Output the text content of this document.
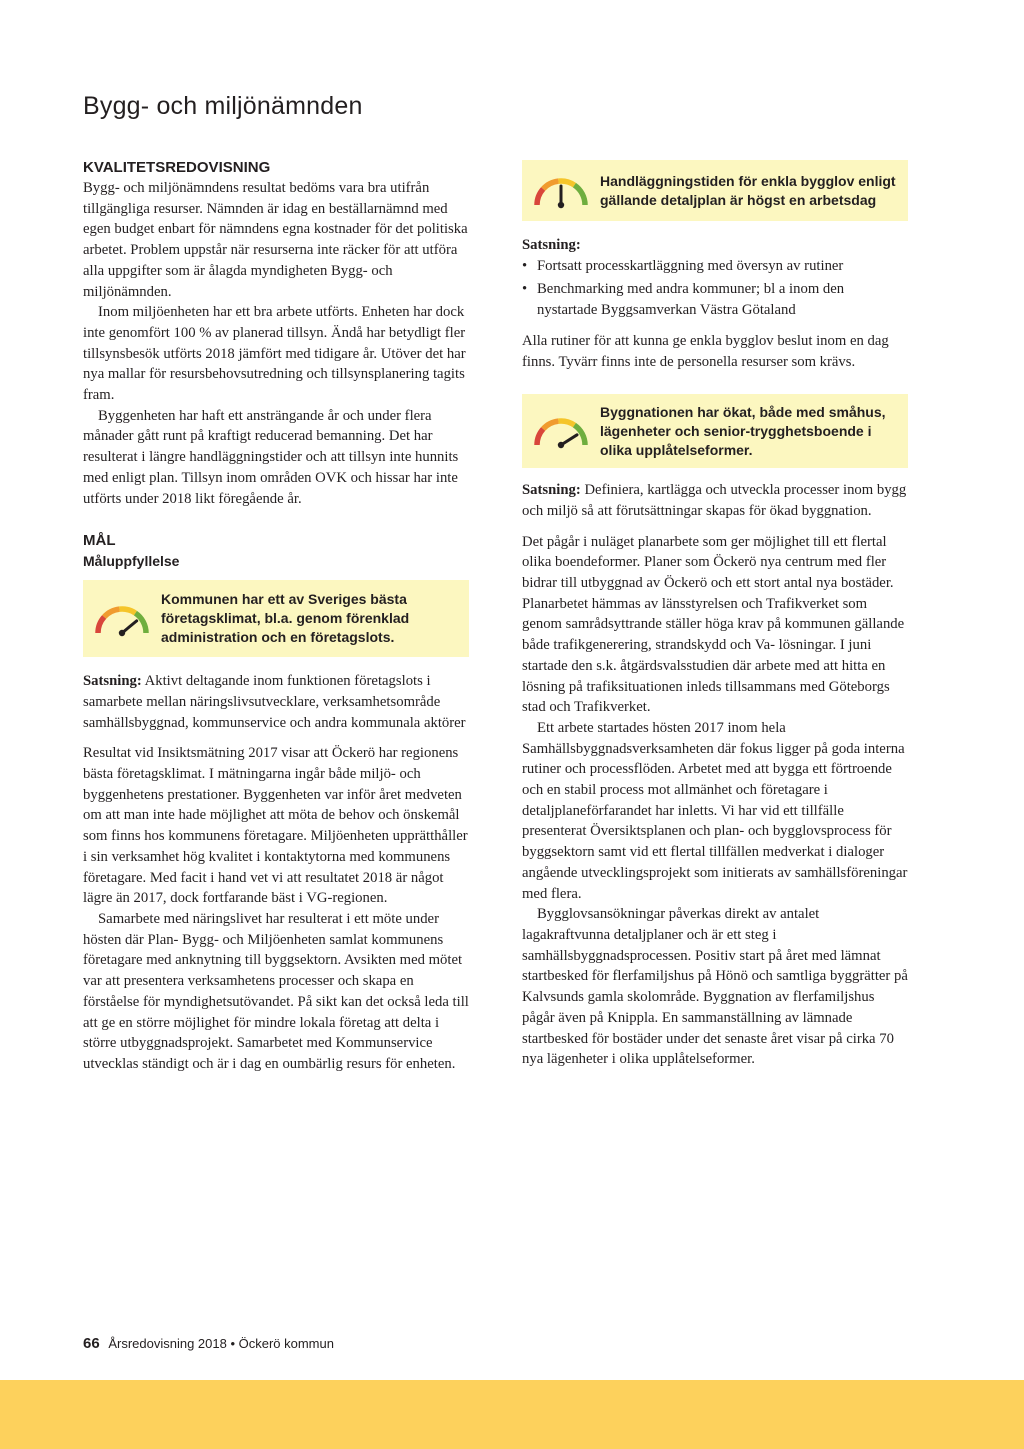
Bygg- och miljönämnden
KVALITETSREDOVISNING

Bygg- och miljönämndens resultat bedöms vara bra utifrån tillgängliga resurser. Nämnden är idag en beställarnämnd med egen budget enbart för nämndens egna kostnader för det politiska arbetet. Problem uppstår när resurserna inte räcker för att utföra alla uppgifter som är ålagda myndigheten Bygg- och miljönämnden.

Inom miljöenheten har ett bra arbete utförts. Enheten har dock inte genomfört 100 % av planerad tillsyn. Ändå har betydligt fler tillsynsbesök utförts 2018 jämfört med tidigare år. Utöver det har nya mallar för resursbehovsutredning och tillsynsplanering tagits fram.

Byggenheten har haft ett ansträngande år och under flera månader gått runt på kraftigt reducerad bemanning. Det har resulterat i längre handläggningstider och att tillsyn inte hunnits med enligt plan. Tillsyn inom områden OVK och hissar har inte utförts under 2018 likt föregående år.

MÅL
Måluppfyllelse
Kommunen har ett av Sveriges bästa företagsklimat, bl.a. genom förenklad administration och en företagslots.

Satsning: Aktivt deltagande inom funktionen företagslots i samarbete mellan näringslivsutvecklare, verksamhetsområde samhällsbyggnad, kommunservice och andra kommunala aktörer

Resultat vid Insiktsmätning 2017 visar att Öckerö har regionens bästa företagsklimat. I mätningarna ingår både miljö- och byggenhetens prestationer. Byggenheten var inför året medveten om att man inte hade möjlighet att möta de behov och önskemål som finns hos kommunens företagare. Miljöenheten upprätthåller i sin verksamhet hög kvalitet i kontaktytorna med kommunens företagare. Med facit i hand vet vi att resultatet 2018 är något lägre än 2017, dock fortfarande bäst i VG-regionen.

Samarbete med näringslivet har resulterat i ett möte under hösten där Plan- Bygg- och Miljöenheten samlat kommunens företagare med anknytning till byggsektorn. Avsikten med mötet var att presentera verksamhetens processer och skapa en förståelse för myndighetsutövandet. På sikt kan det också leda till att ge en större möjlighet för mindre lokala företag att delta i större utbyggnadsprojekt. Samarbetet med Kommunservice utvecklas ständigt och är i dag en oumbärlig resurs för enheten.

Handläggningstiden för enkla bygglov enligt gällande detaljplan är högst en arbetsdag

Satsning:

• Fortsatt processkartläggning med översyn av rutiner
• Benchmarking med andra kommuner; bl a inom den nystartade Byggsamverkan Västra Götaland

Alla rutiner för att kunna ge enkla bygglov beslut inom en dag finns. Tyvärr finns inte de personella resurser som krävs.

Byggnationen har ökat, både med småhus, lägenheter och senior-trygghetsboende i olika upplåtelseformer.

Satsning: Definiera, kartlägga och utveckla processer inom bygg och miljö så att förutsättningar skapas för ökad byggnation.

Det pågår i nuläget planarbete som ger möjlighet till ett flertal olika boendeformer. Planer som Öckerö nya centrum med fler bidrar till utbyggnad av Öckerö och ett stort antal nya bostäder. Planarbetet hämmas av länsstyrelsen och Trafikverket som genom samrådsyttrande ställer höga krav på kommunen gällande både trafikgenerering, strandskydd och Va- lösningar. I juni startade den s.k. åtgärdsvalsstudien där arbete med att hitta en lösning på trafiksituationen inleds tillsammans med Göteborgs stad och Trafikverket.

Ett arbete startades hösten 2017 inom hela Samhällsbyggnadsverksamheten där fokus ligger på goda interna rutiner och processflöden. Arbetet med att bygga ett förtroende och en stabil process mot allmänhet och företagare i detaljplaneförfarandet har inletts. Vi har vid ett tillfälle presenterat Översiktsplanen och plan- och bygglovsprocess för byggsektorn samt vid ett flertal tillfällen medverkat i dialoger angående utvecklingsprojekt som initierats av samhällsföreningar med flera.

Bygglovsansökningar påverkas direkt av antalet lagakraftvunna detaljplaner och är ett steg i samhällsbyggnadsprocessen. Positiv start på året med lämnat startbesked för flerfamiljshus på Hönö och samtliga byggrätter på Kalvsunds gamla skolområde. Byggnation av flerfamiljshus pågår även på Knippla. En sammanställning av lämnade startbesked för bostäder under det senaste året visar på cirka 70 nya lägenheter i olika upplåtelseformer.

66 Årsredovisning 2018 • Öckerö kommun
